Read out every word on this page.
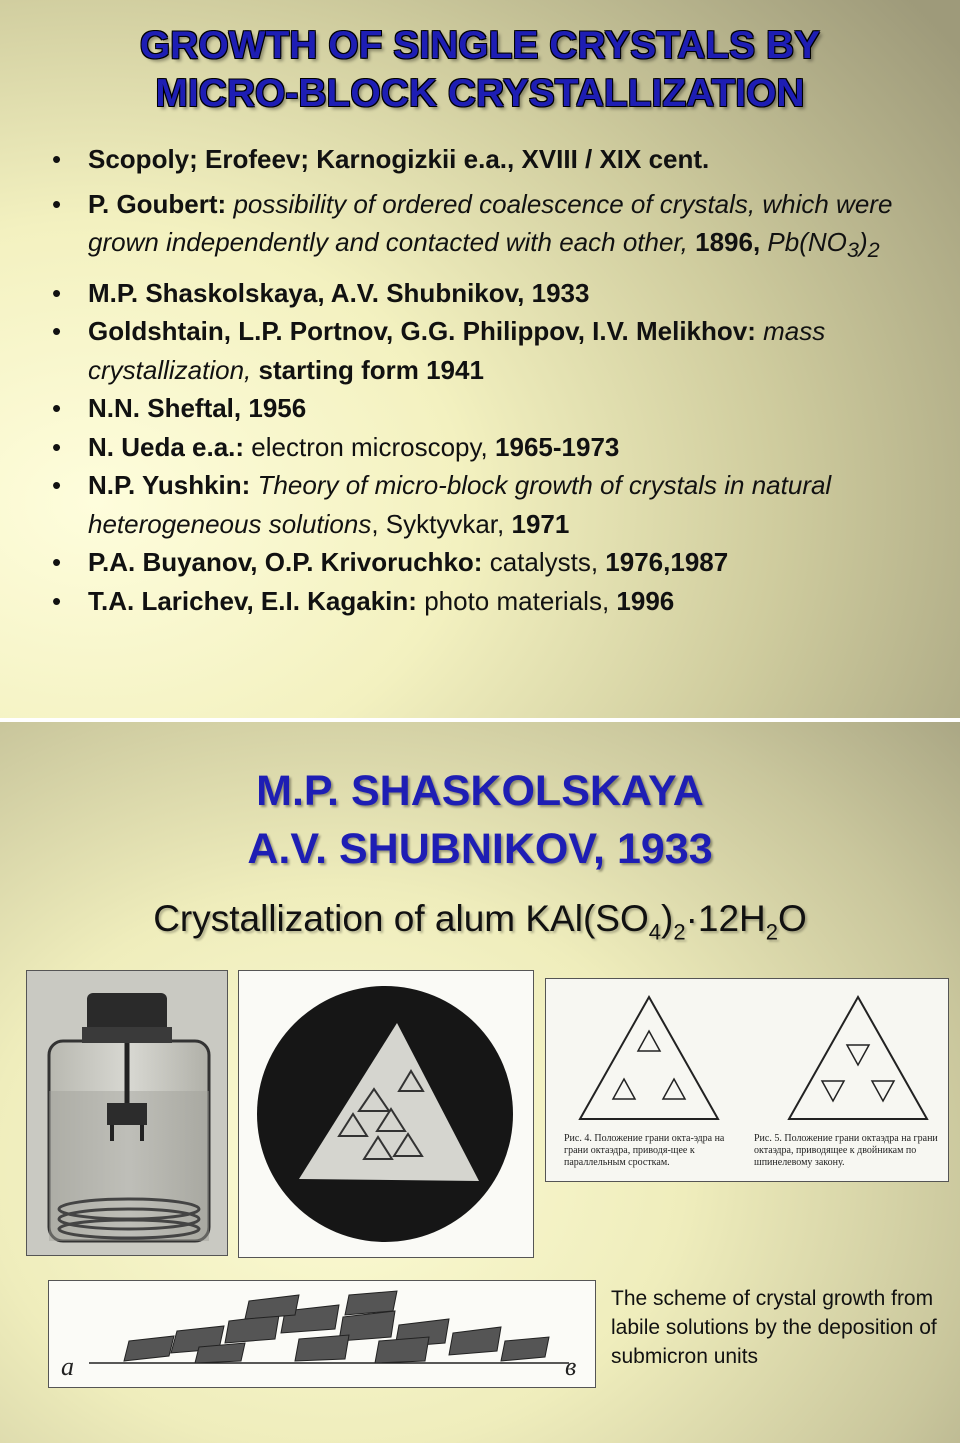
GROWTH OF SINGLE CRYSTALS BY
MICRO-BLOCK CRYSTALLIZATION
• Scopoly; Erofeev; Karnogizkii e.a., XVIII / XIX cent.
• P. Goubert: possibility of ordered coalescence of crystals, which were grown independently and contacted with each other, 1896, $Pb(NO_3)_2$
• M.P. Shaskolskaya, A.V. Shubnikov, 1933
• Goldshtain, L.P. Portnov, G.G. Philippov, I.V. Melikhov: mass crystallization, starting form 1941
• N.N. Sheftal, 1956
• N. Ueda e.a.: electron microscopy, 1965-1973
• N.P. Yushkin: Theory of micro-block growth of crystals in natural heterogeneous solutions, Syktyvkar, 1971
• P.A. Buyanov, O.P. Krivoruchko: catalysts, 1976,1987
• T.A. Larichev, E.I. Kagakin: photo materials, 1996
M.P. SHASKOLSKAYA
A.V. SHUBNIKOV, 1933
Crystallization of alum $KAl(SO_4)_2\cdot 12H_2O$
Рис. 4. Положение грани окта-эдра на грани октаэдра, приводя-щее к параллельным сросткам.
Рис. 5. Положение грани октаэдра на грани октаэдра, приводящее к двойникам по шпинелевому закону.
a	в
The scheme of crystal growth from labile solutions by the deposition of submicron units
